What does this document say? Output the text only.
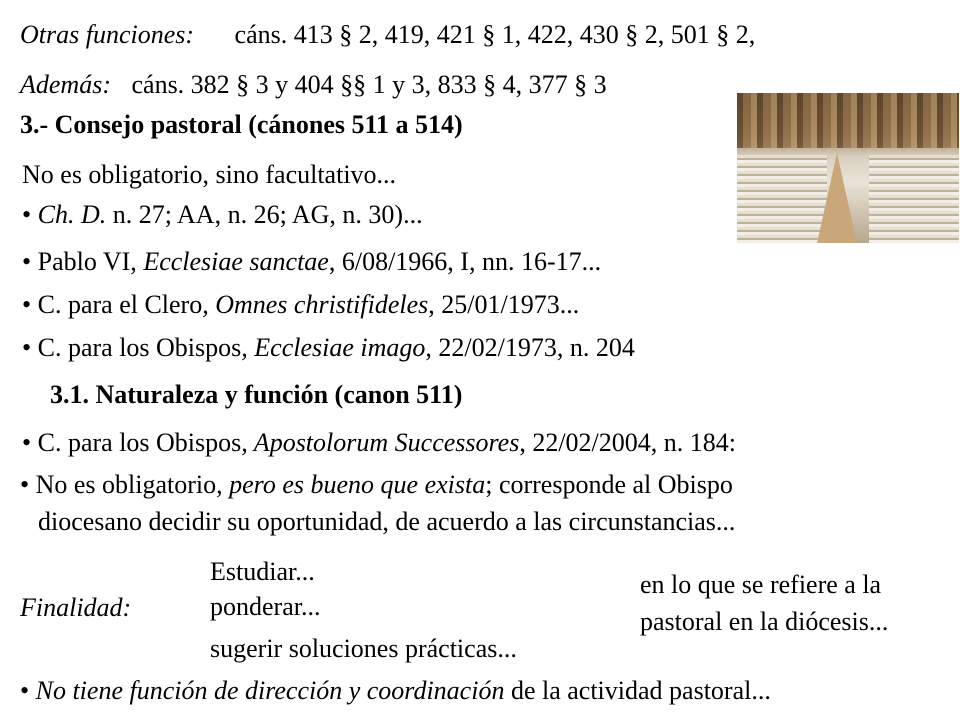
Otras funciones: cáns. 413 § 2, 419, 421 § 1, 422, 430 § 2, 501 § 2,
Además: cáns. 382 § 3 y 404 §§ 1 y 3, 833 § 4, 377 § 3
3.- Consejo pastoral (cánones 511 a 514)
No es obligatorio, sino facultativo...
• Ch. D. n. 27; AA, n. 26; AG, n. 30)...
• Pablo VI, Ecclesiae sanctae, 6/08/1966, I, nn. 16-17...
• C. para el Clero, Omnes christifideles, 25/01/1973...
• C. para los Obispos, Ecclesiae imago, 22/02/1973, n. 204
3.1. Naturaleza y función (canon 511)
• C. para los Obispos, Apostolorum Successores, 22/02/2004, n. 184:
• No es obligatorio, pero es bueno que exista; corresponde al Obispo
diocesano decidir su oportunidad, de acuerdo a las circunstancias...
Finalidad:
Estudiar...
ponderar...
sugerir soluciones prácticas...
en lo que se refiere a la
pastoral en la diócesis...
• No tiene función de dirección y coordinación de la actividad pastoral...
